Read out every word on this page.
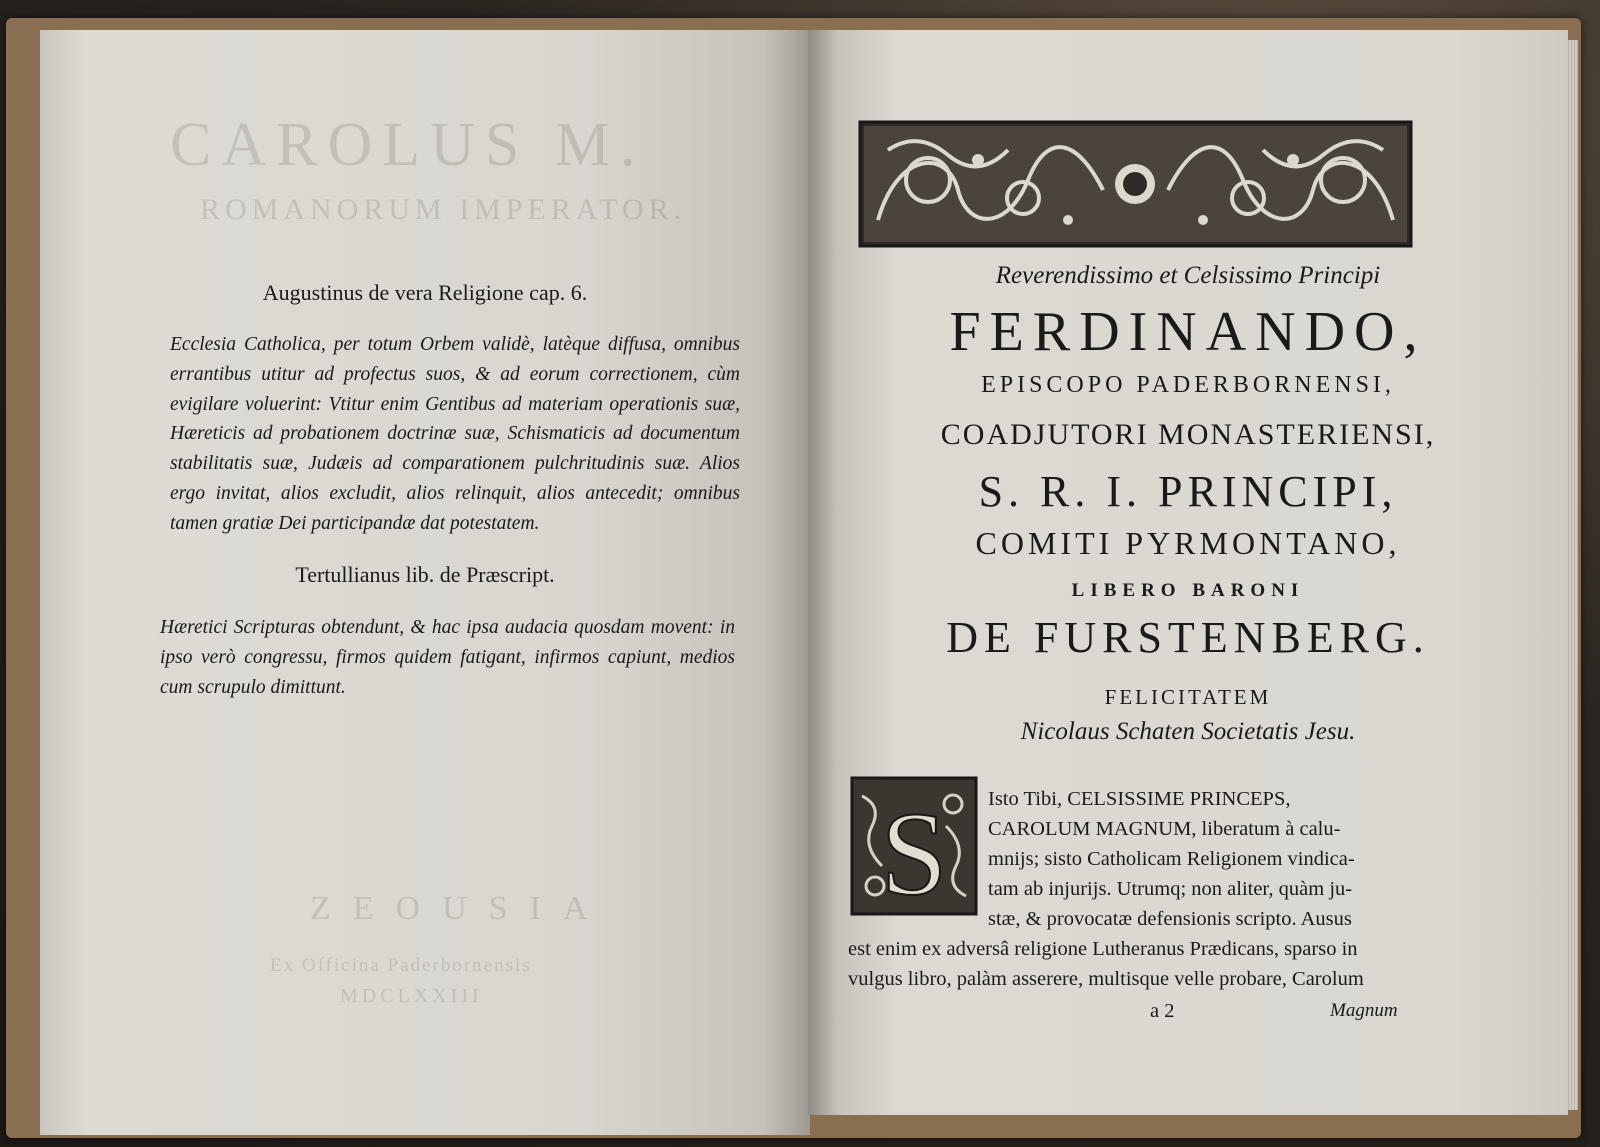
CAROLUS M.
ROMANORUM IMPERATOR.
ZEOUSIA
Ex Officina Paderbornensis
MDCLXXIII
Augustinus de vera Religione cap. 6.
Ecclesia Catholica, per totum Orbem validè, latèque diffusa, omnibus errantibus utitur ad profectus suos, & ad eorum correctionem, cùm evigilare voluerint: Vtitur enim Gentibus ad materiam operationis suæ, Hæreticis ad probationem doctrinæ suæ, Schismaticis ad documentum stabilitatis suæ, Judæis ad comparationem pulchritudinis suæ. Alios ergo invitat, alios excludit, alios relinquit, alios antecedit; omnibus tamen gratiæ Dei participandæ dat potestatem.
Tertullianus lib. de Præscript.
Hæretici Scripturas obtendunt, & hac ipsa audacia quosdam movent: in ipso verò congressu, firmos quidem fatigant, infirmos capiunt, medios cum scrupulo dimittunt.
Reverendissimo et Celsissimo Principi
FERDINANDO,
EPISCOPO PADERBORNENSI,
COADJUTORI MONASTERIENSI,
S. R. I. PRINCIPI,
COMITI PYRMONTANO,
LIBERO BARONI
DE FURSTENBERG.
FELICITATEM
Nicolaus Schaten Societatis Jesu.
S Isto Tibi, CELSISSIME PRINCEPS,
CAROLUM MAGNUM, liberatum à calu-
mnijs; sisto Catholicam Religionem vindica-
tam ab injurijs. Utrumq; non aliter, quàm ju-
stæ, & provocatæ defensionis scripto. Ausus
est enim ex adversâ religione Lutheranus Prædicans, sparso in
vulgus libro, palàm asserere, multisque velle probare, Carolum
a 2	Magnum
